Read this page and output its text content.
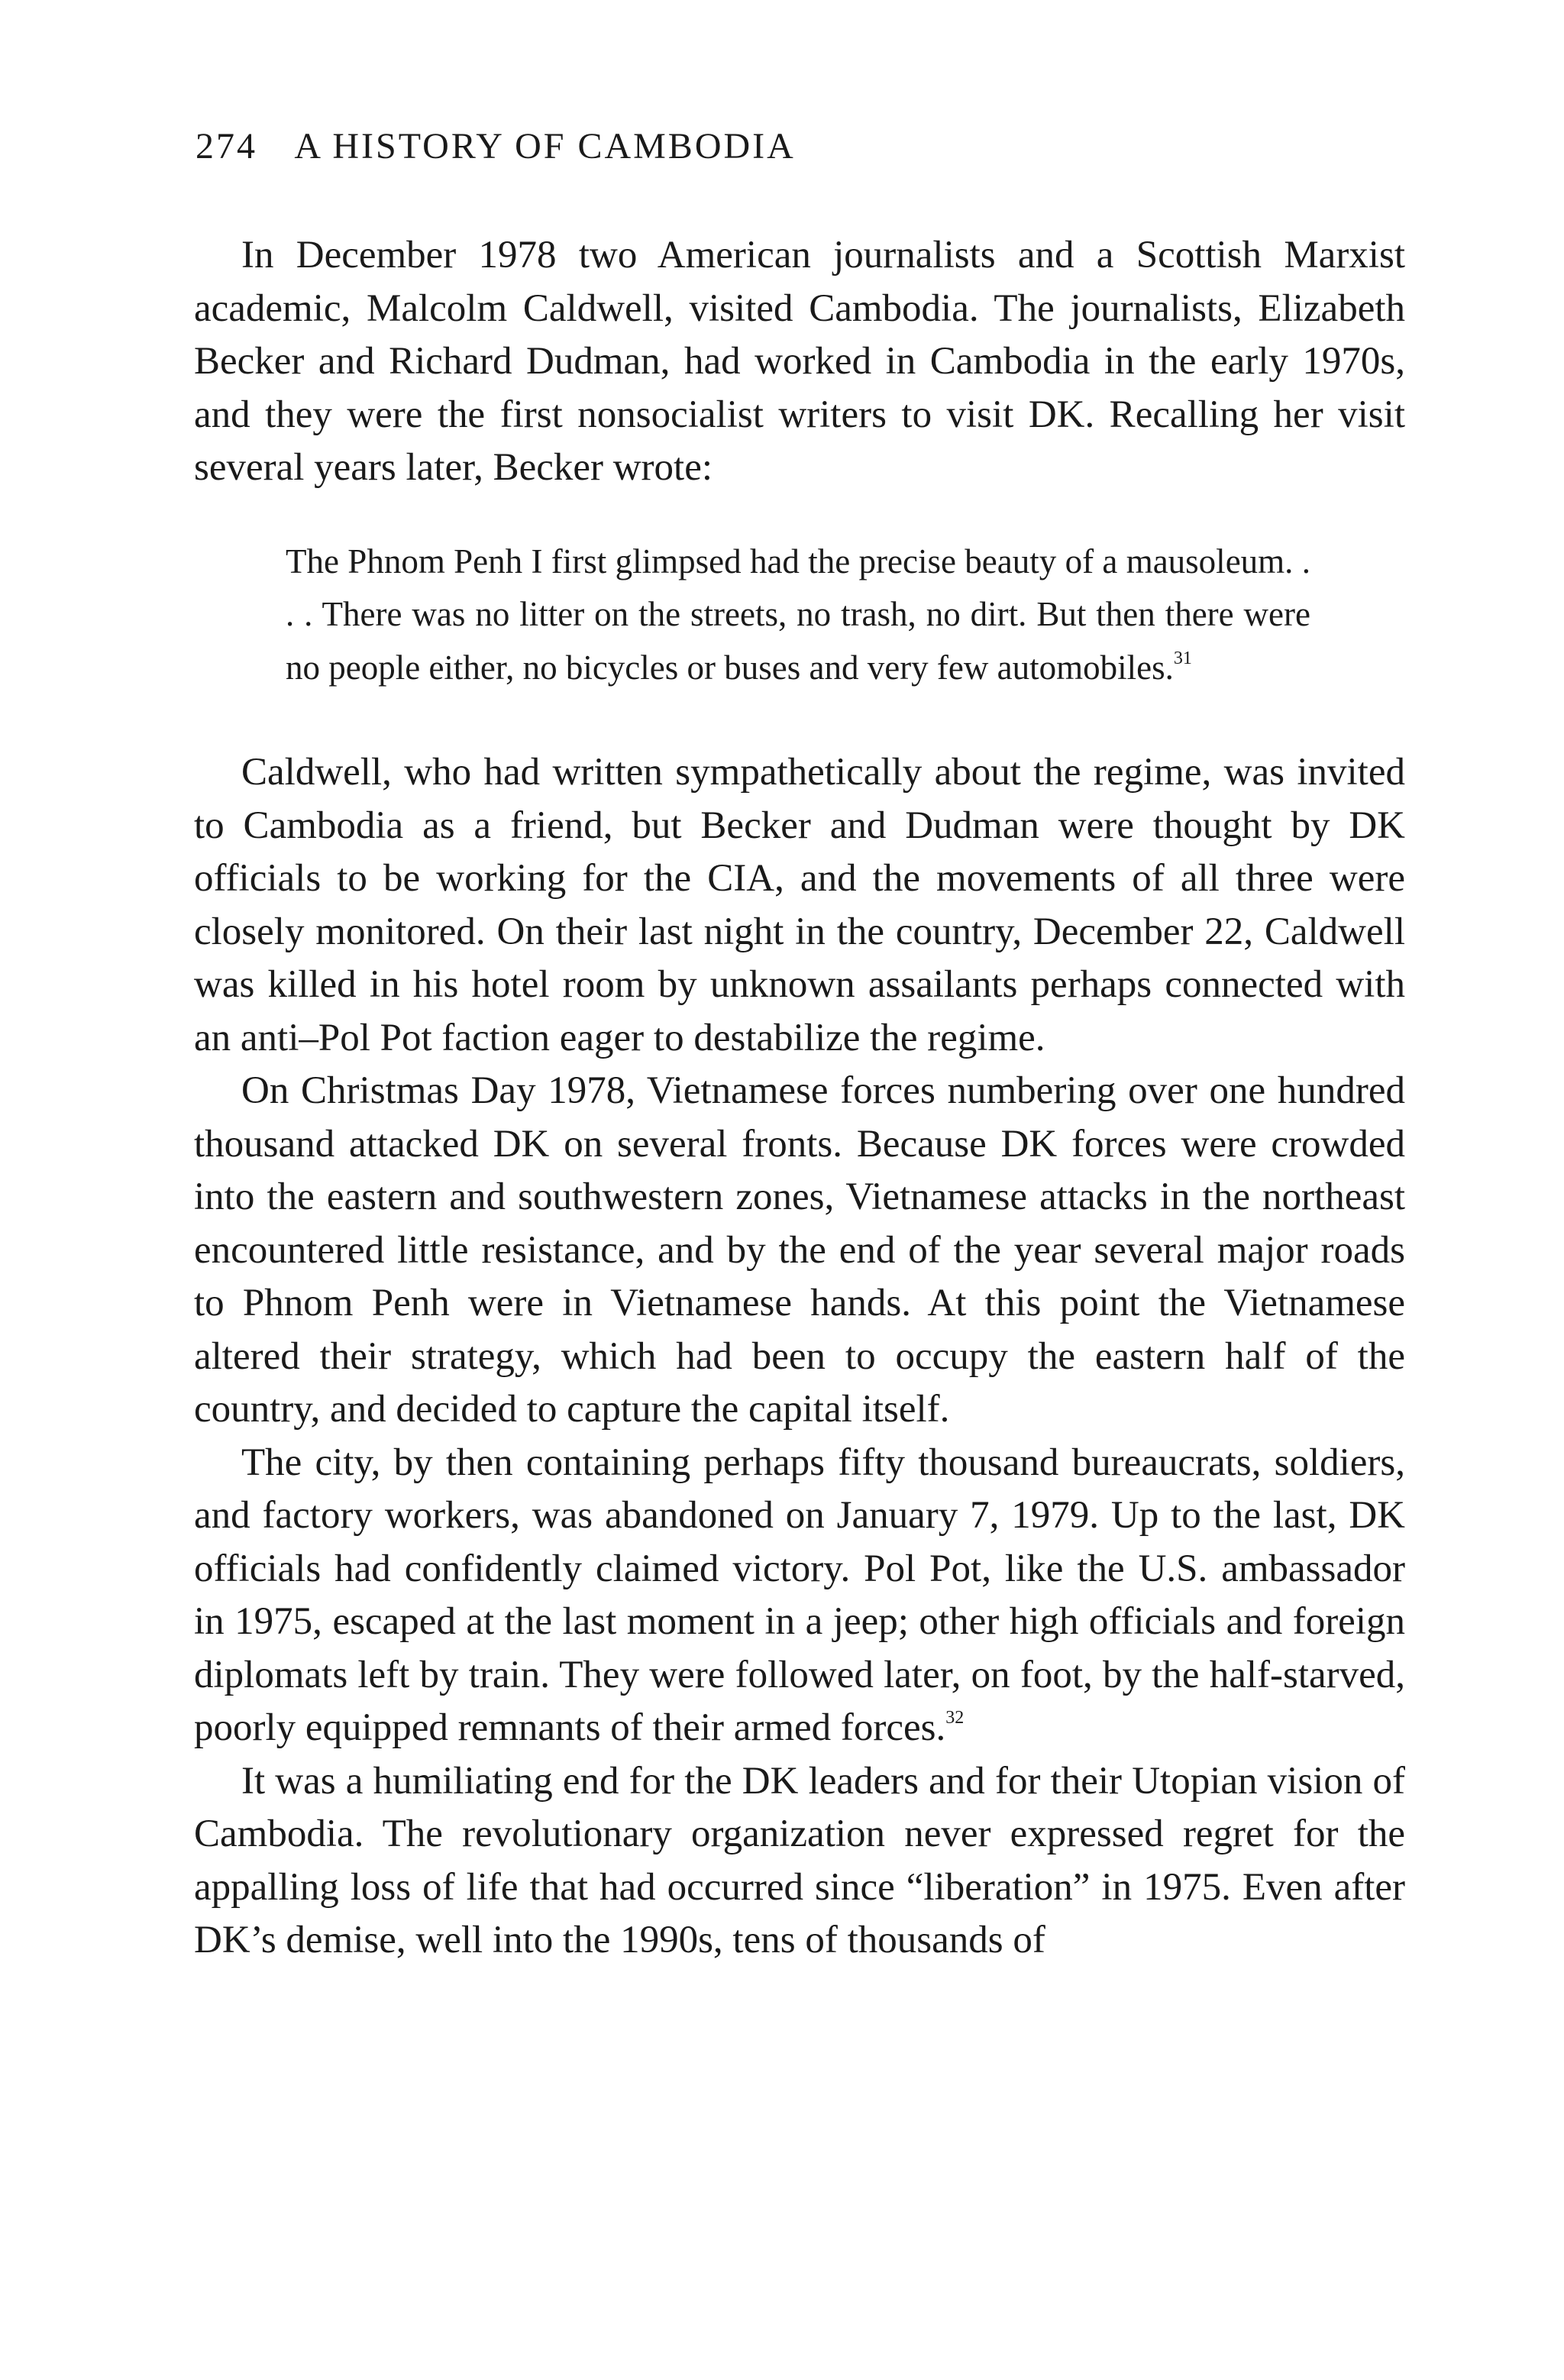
274 A HISTORY OF CAMBODIA

In December 1978 two American journalists and a Scottish Marxist academic, Malcolm Caldwell, visited Cambodia. The journalists, Elizabeth Becker and Richard Dudman, had worked in Cambodia in the early 1970s, and they were the first nonsocialist writers to visit DK. Recalling her visit several years later, Becker wrote:

The Phnom Penh I first glimpsed had the precise beauty of a mausoleum. . . . There was no litter on the streets, no trash, no dirt. But then there were no people either, no bicycles or buses and very few automobiles.$^{31}$

Caldwell, who had written sympathetically about the regime, was invited to Cambodia as a friend, but Becker and Dudman were thought by DK officials to be working for the CIA, and the movements of all three were closely monitored. On their last night in the country, December 22, Caldwell was killed in his hotel room by unknown assailants perhaps connected with an anti–Pol Pot faction eager to destabilize the regime.

On Christmas Day 1978, Vietnamese forces numbering over one hundred thousand attacked DK on several fronts. Because DK forces were crowded into the eastern and southwestern zones, Vietnamese attacks in the northeast encountered little resistance, and by the end of the year several major roads to Phnom Penh were in Vietnamese hands. At this point the Vietnamese altered their strategy, which had been to occupy the eastern half of the country, and decided to capture the capital itself.

The city, by then containing perhaps fifty thousand bureaucrats, soldiers, and factory workers, was abandoned on January 7, 1979. Up to the last, DK officials had confidently claimed victory. Pol Pot, like the U.S. ambassador in 1975, escaped at the last moment in a jeep; other high officials and foreign diplomats left by train. They were followed later, on foot, by the half-starved, poorly equipped remnants of their armed forces.$^{32}$

It was a humiliating end for the DK leaders and for their Utopian vision of Cambodia. The revolutionary organization never expressed regret for the appalling loss of life that had occurred since “liberation” in 1975. Even after DK’s demise, well into the 1990s, tens of thousands of
